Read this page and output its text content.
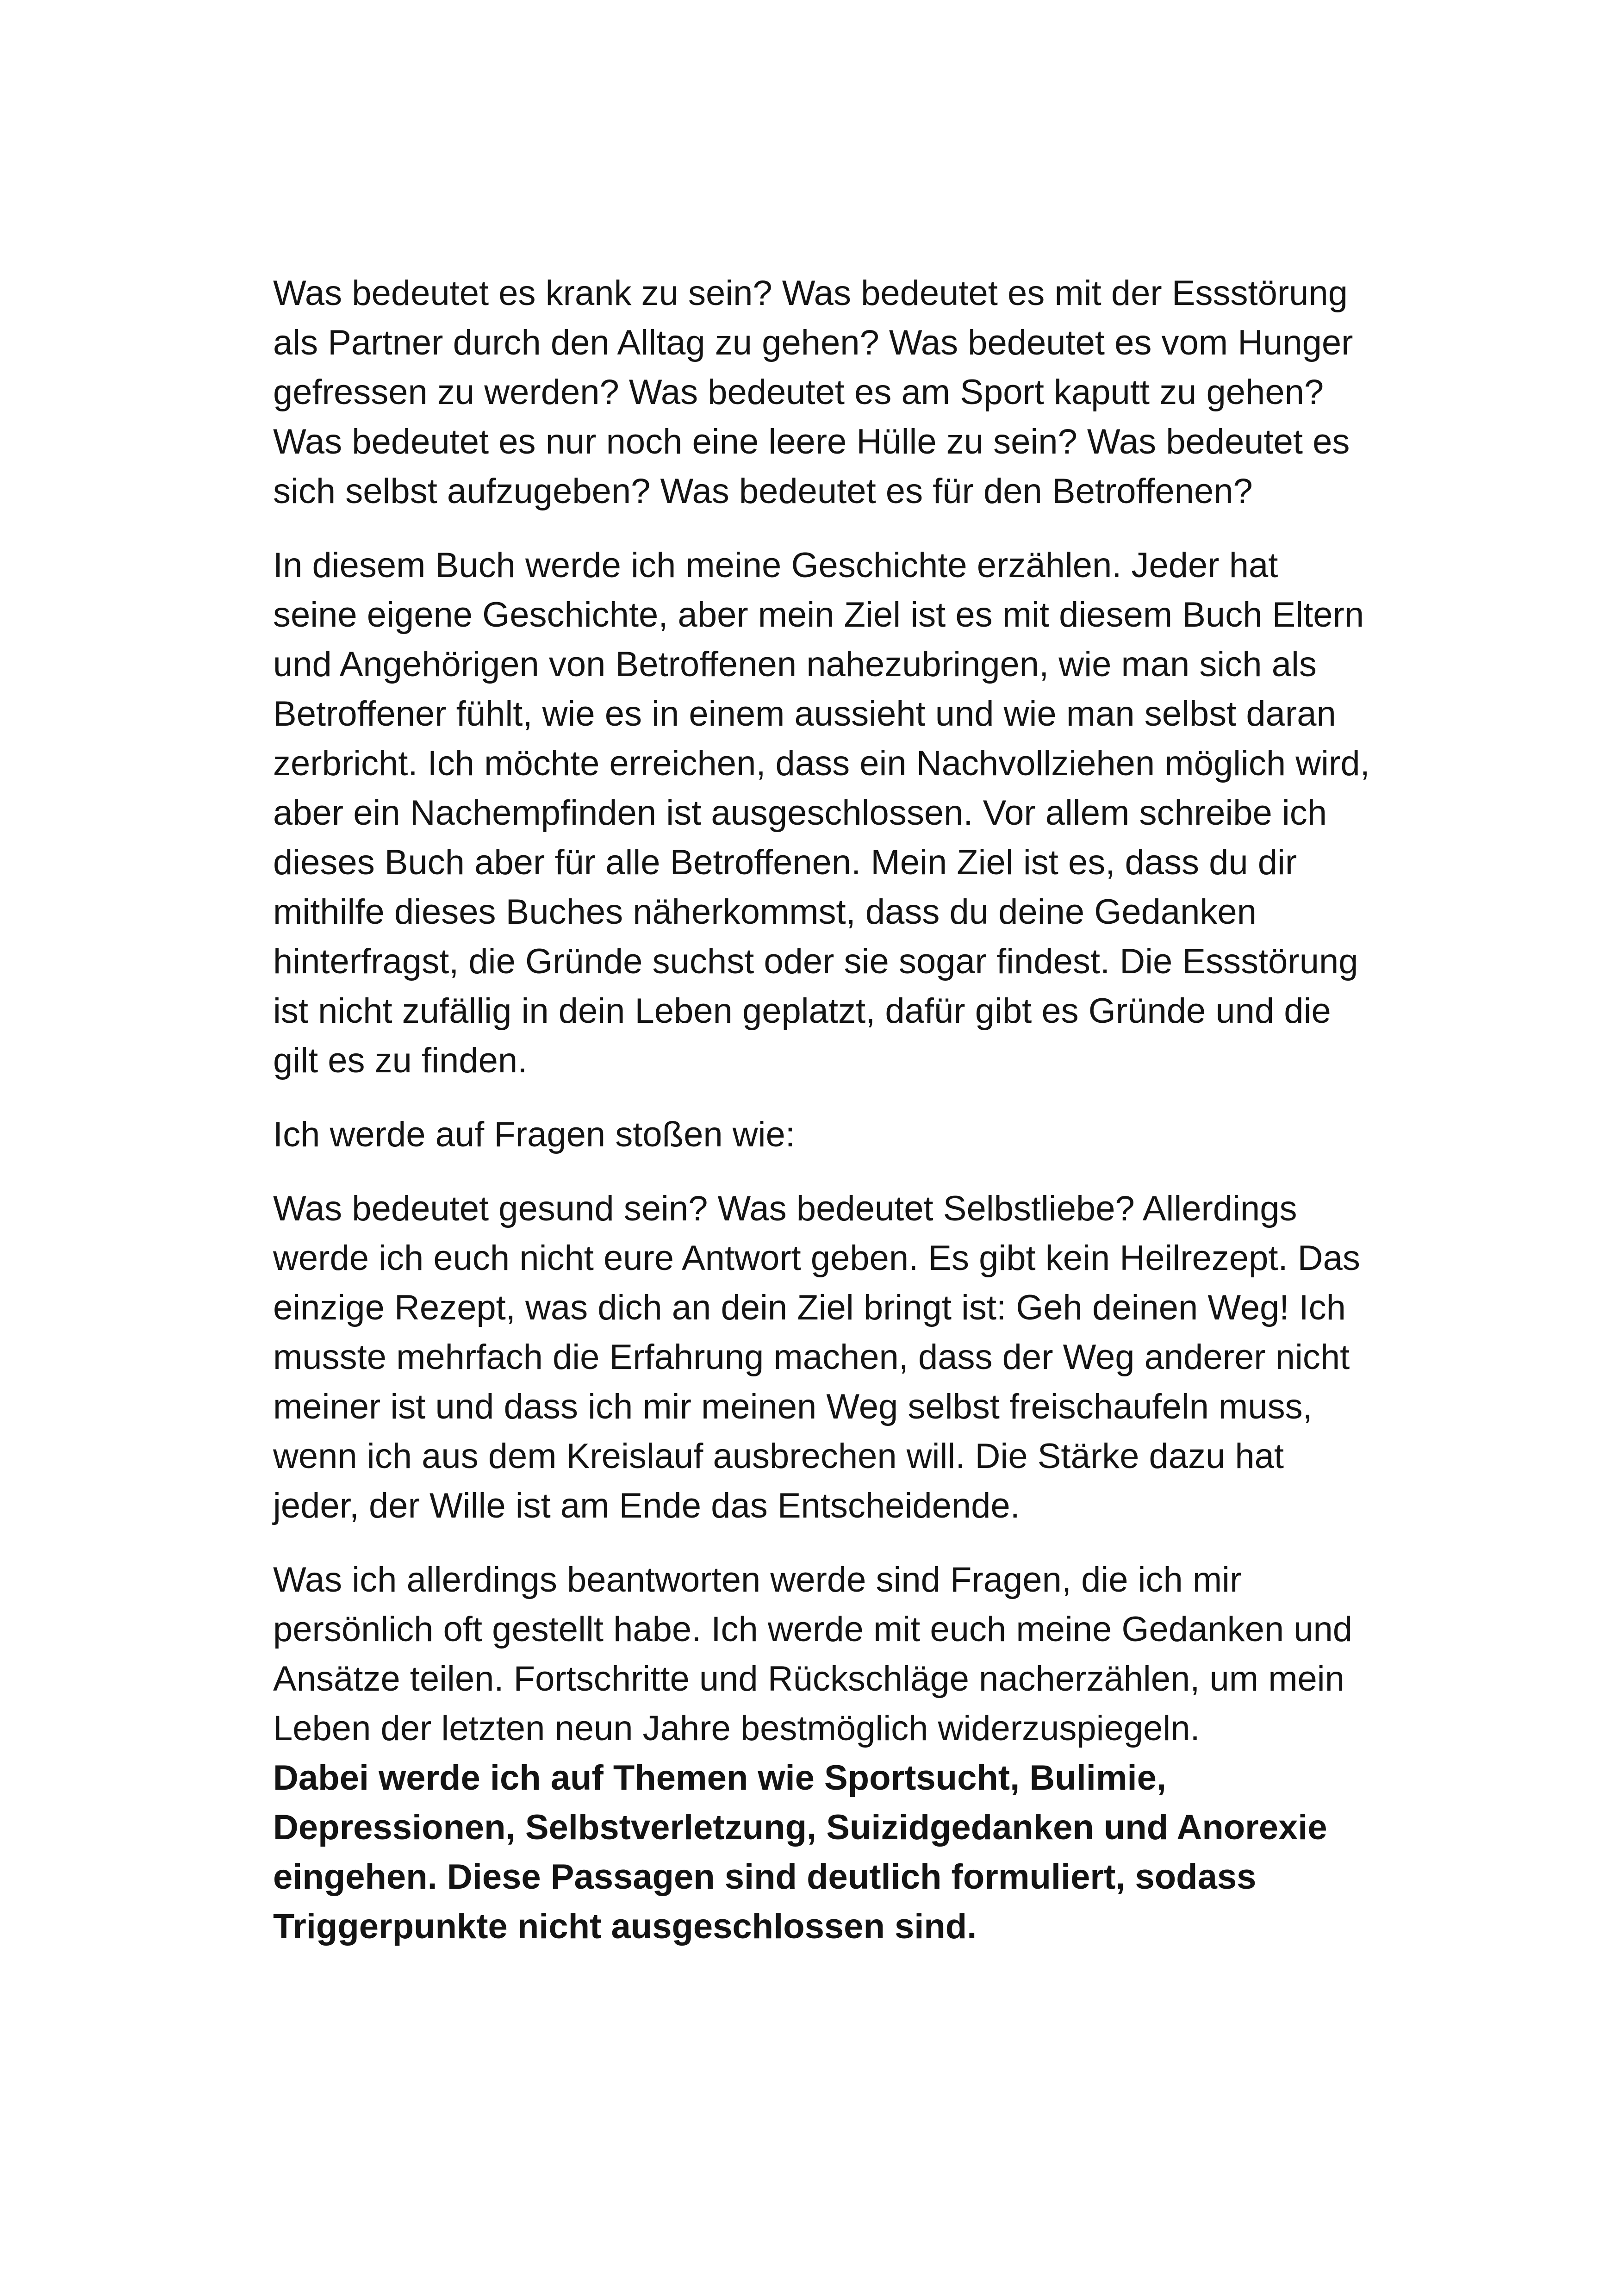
Was bedeutet es krank zu sein? Was bedeutet es mit der Essstörung als Partner durch den Alltag zu gehen? Was bedeutet es vom Hunger gefressen zu werden? Was bedeutet es am Sport kaputt zu gehen? Was bedeutet es nur noch eine leere Hülle zu sein? Was bedeutet es sich selbst aufzugeben? Was bedeutet es für den Betroffenen?

In diesem Buch werde ich meine Geschichte erzählen. Jeder hat seine eigene Geschichte, aber mein Ziel ist es mit diesem Buch Eltern und Angehörigen von Betroffenen nahezubringen, wie man sich als Betroffener fühlt, wie es in einem aussieht und wie man selbst daran zerbricht. Ich möchte erreichen, dass ein Nachvollziehen möglich wird, aber ein Nachempfinden ist ausgeschlossen. Vor allem schreibe ich dieses Buch aber für alle Betroffenen. Mein Ziel ist es, dass du dir mithilfe dieses Buches näherkommst, dass du deine Gedanken hinterfragst, die Gründe suchst oder sie sogar findest. Die Essstörung ist nicht zufällig in dein Leben geplatzt, dafür gibt es Gründe und die gilt es zu finden.

Ich werde auf Fragen stoßen wie:

Was bedeutet gesund sein? Was bedeutet Selbstliebe? Allerdings werde ich euch nicht eure Antwort geben. Es gibt kein Heilrezept. Das einzige Rezept, was dich an dein Ziel bringt ist: Geh deinen Weg! Ich musste mehrfach die Erfahrung machen, dass der Weg anderer nicht meiner ist und dass ich mir meinen Weg selbst freischaufeln muss, wenn ich aus dem Kreislauf ausbrechen will. Die Stärke dazu hat jeder, der Wille ist am Ende das Entscheidende.

Was ich allerdings beantworten werde sind Fragen, die ich mir persönlich oft gestellt habe. Ich werde mit euch meine Gedanken und Ansätze teilen. Fortschritte und Rückschläge nacherzählen, um mein Leben der letzten neun Jahre bestmöglich widerzuspiegeln.

Dabei werde ich auf Themen wie Sportsucht, Bulimie, Depressionen, Selbstverletzung, Suizidgedanken und Anorexie eingehen. Diese Passagen sind deutlich formuliert, sodass Triggerpunkte nicht ausgeschlossen sind.
